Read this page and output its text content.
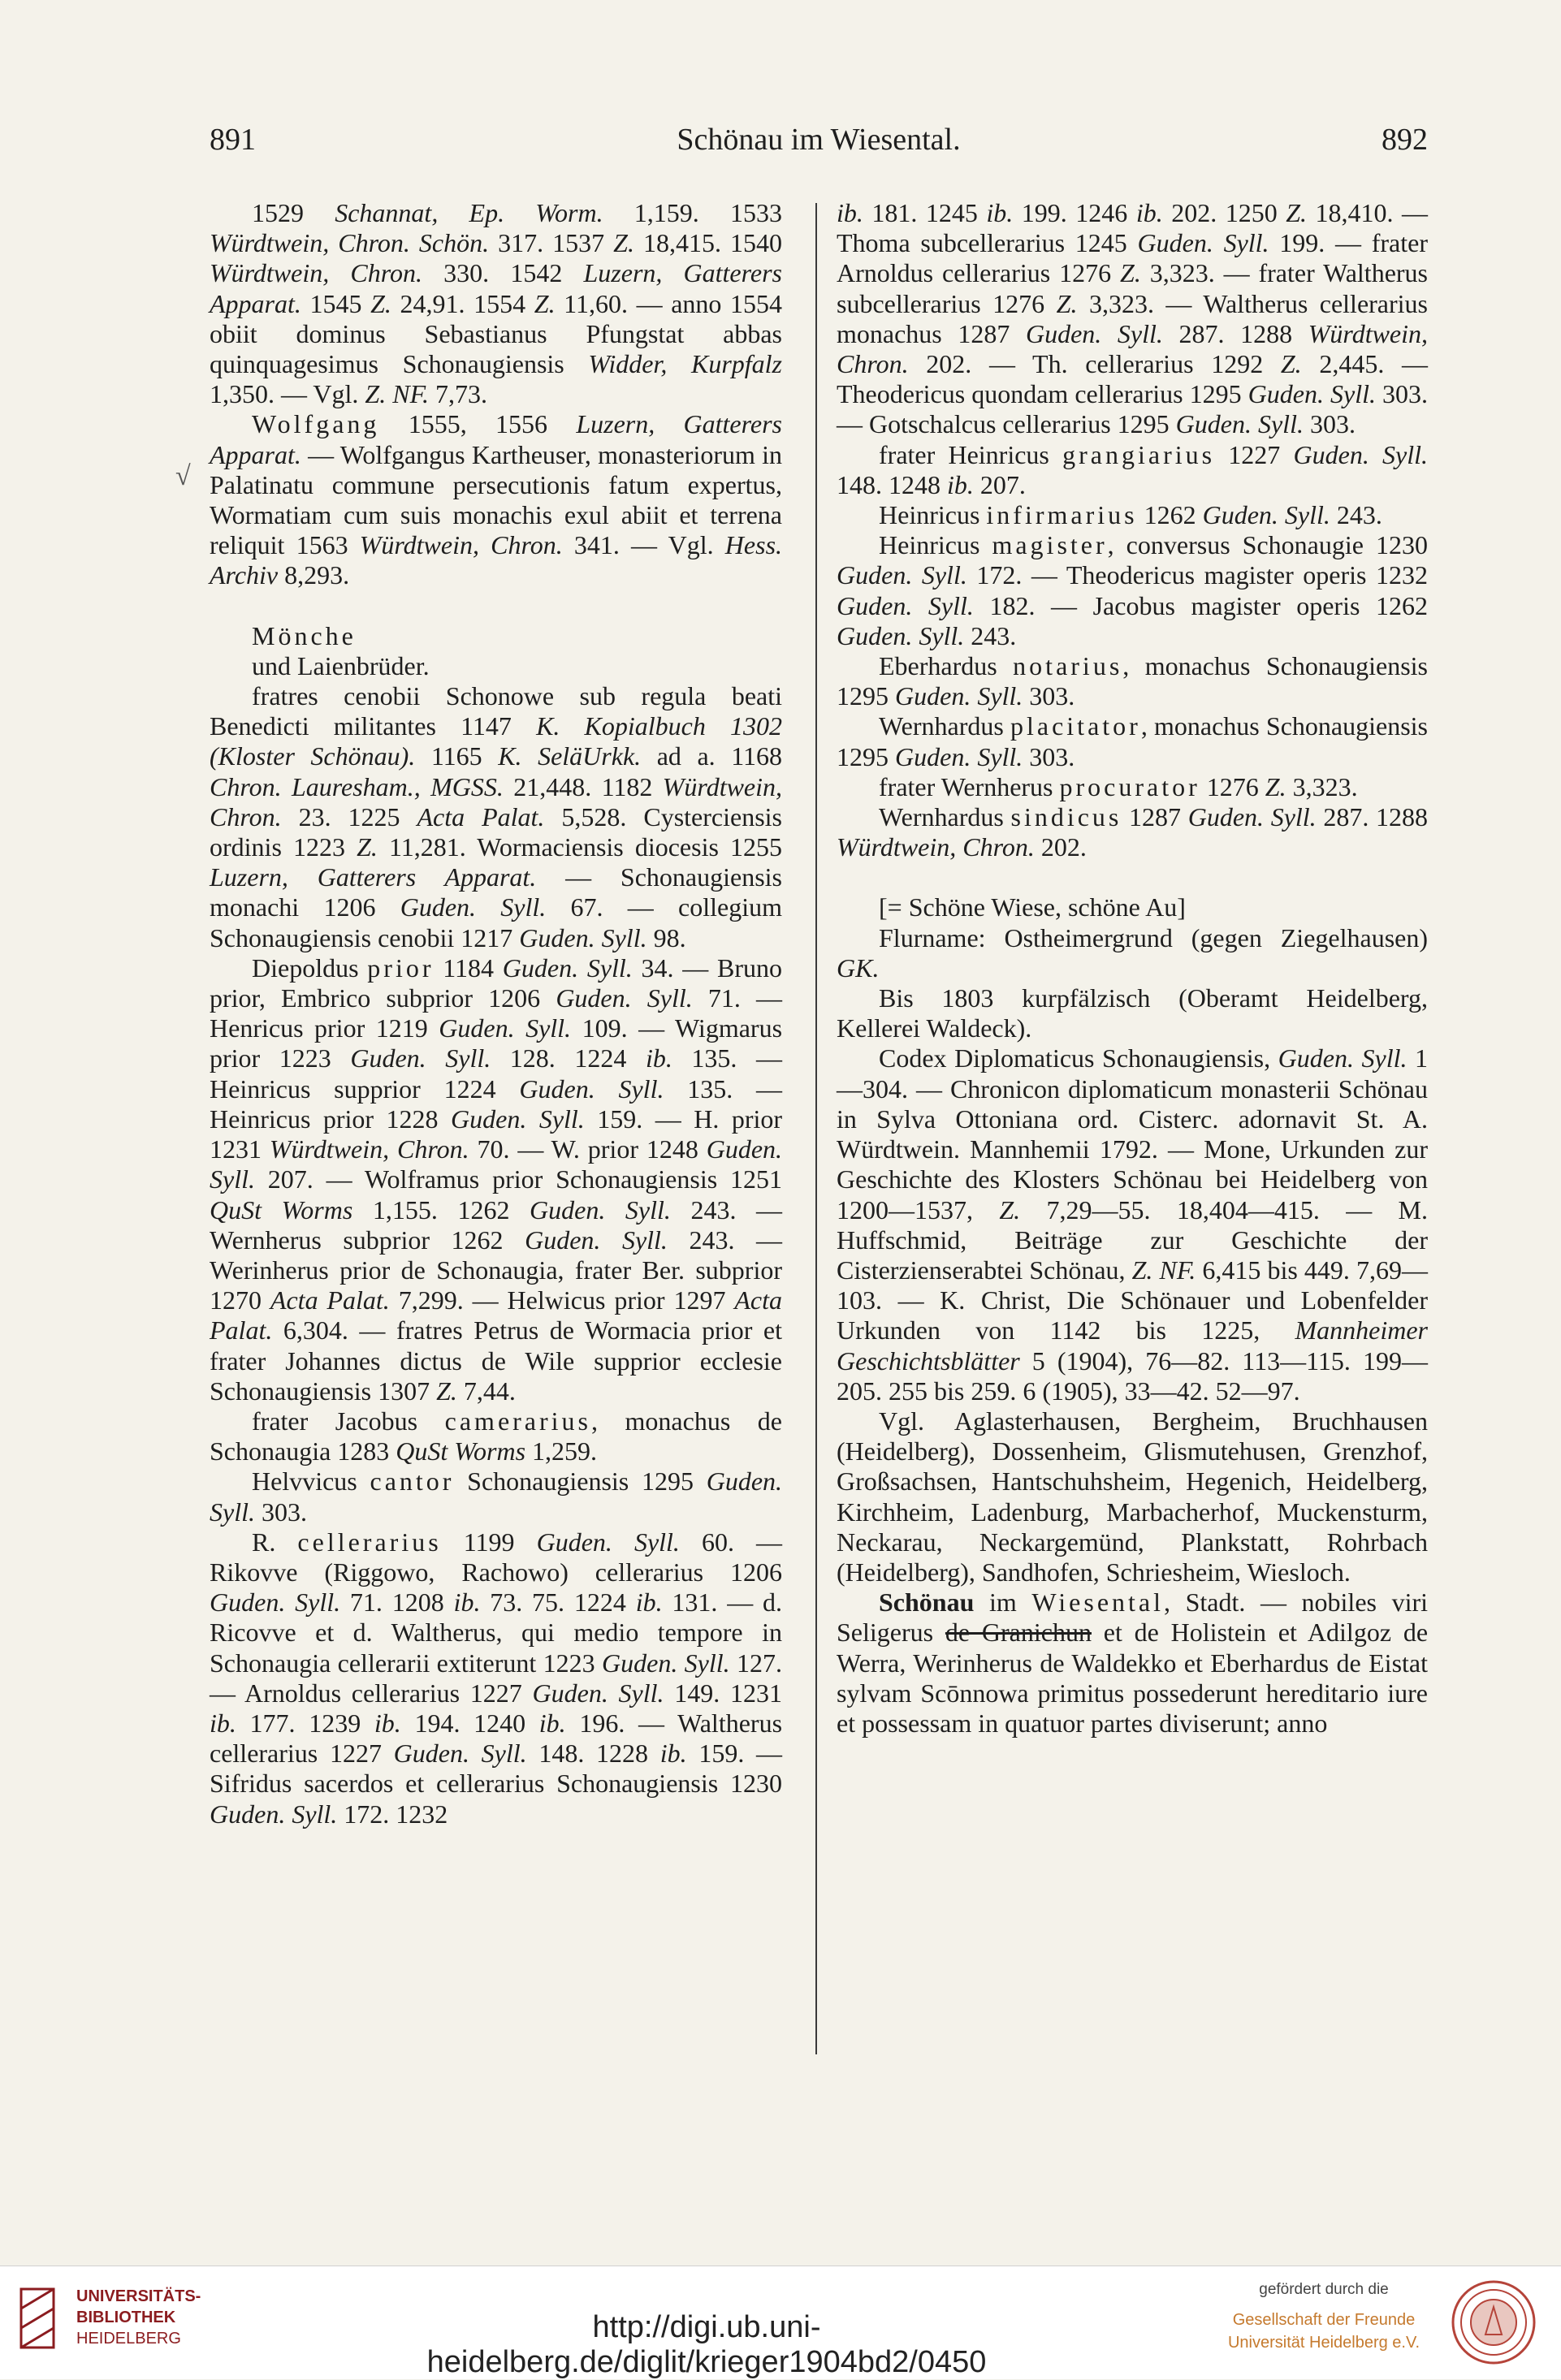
891	Schönau im Wiesental.	892
√

1529 Schannat, Ep. Worm. 1,159. 1533 Würdtwein, Chron. Schön. 317. 1537 Z. 18,415. 1540 Würdtwein, Chron. 330. 1542 Luzern, Gatterers Apparat. 1545 Z. 24,91. 1554 Z. 11,60. — anno 1554 obiit dominus Sebastianus Pfungstat abbas quinquagesimus Schonaugiensis Widder, Kurpfalz 1,350. — Vgl. Z. NF. 7,73.

Wolfgang 1555, 1556 Luzern, Gatterers Apparat. — Wolfgangus Kartheuser, monasteriorum in Palatinatu commune persecutionis fatum expertus, Wormatiam cum suis monachis exul abiit et terrena reliquit 1563 Würdtwein, Chron. 341. — Vgl. Hess. Archiv 8,293.

Mönche

und Laienbrüder.

fratres cenobii Schonowe sub regula beati Benedicti militantes 1147 K. Kopialbuch 1302 (Kloster Schönau). 1165 K. SeläUrkk. ad a. 1168 Chron. Lauresham., MGSS. 21,448. 1182 Würdtwein, Chron. 23. 1225 Acta Palat. 5,528. Cysterciensis ordinis 1223 Z. 11,281. Wormaciensis diocesis 1255 Luzern, Gatterers Apparat. — Schonaugiensis monachi 1206 Guden. Syll. 67. — collegium Schonaugiensis cenobii 1217 Guden. Syll. 98.

Diepoldus prior 1184 Guden. Syll. 34. — Bruno prior, Embrico subprior 1206 Guden. Syll. 71. — Henricus prior 1219 Guden. Syll. 109. — Wigmarus prior 1223 Guden. Syll. 128. 1224 ib. 135. — Heinricus supprior 1224 Guden. Syll. 135. — Heinricus prior 1228 Guden. Syll. 159. — H. prior 1231 Würdtwein, Chron. 70. — W. prior 1248 Guden. Syll. 207. — Wolframus prior Schonaugiensis 1251 QuSt Worms 1,155. 1262 Guden. Syll. 243. — Wernherus subprior 1262 Guden. Syll. 243. — Werinherus prior de Schonaugia, frater Ber. subprior 1270 Acta Palat. 7,299. — Helwicus prior 1297 Acta Palat. 6,304. — fratres Petrus de Wormacia prior et frater Johannes dictus de Wile supprior ecclesie Schonaugiensis 1307 Z. 7,44.

frater Jacobus camerarius, monachus de Schonaugia 1283 QuSt Worms 1,259.

Helvvicus cantor Schonaugiensis 1295 Guden. Syll. 303.

R. cellerarius 1199 Guden. Syll. 60. — Rikovve (Riggowo, Rachowo) cellerarius 1206 Guden. Syll. 71. 1208 ib. 73. 75. 1224 ib. 131. — d. Ricovve et d. Waltherus, qui medio tempore in Schonaugia cellerarii extiterunt 1223 Guden. Syll. 127. — Arnoldus cellerarius 1227 Guden. Syll. 149. 1231 ib. 177. 1239 ib. 194. 1240 ib. 196. — Waltherus cellerarius 1227 Guden. Syll. 148. 1228 ib. 159. — Sifridus sacerdos et cellerarius Schonaugiensis 1230 Guden. Syll. 172. 1232

ib. 181. 1245 ib. 199. 1246 ib. 202. 1250 Z. 18,410. — Thoma subcellerarius 1245 Guden. Syll. 199. — frater Arnoldus cellerarius 1276 Z. 3,323. — frater Waltherus subcellerarius 1276 Z. 3,323. — Waltherus cellerarius monachus 1287 Guden. Syll. 287. 1288 Würdtwein, Chron. 202. — Th. cellerarius 1292 Z. 2,445. — Theodericus quondam cellerarius 1295 Guden. Syll. 303. — Gotschalcus cellerarius 1295 Guden. Syll. 303.

frater Heinricus grangiarius 1227 Guden. Syll. 148. 1248 ib. 207.

Heinricus infirmarius 1262 Guden. Syll. 243.

Heinricus magister, conversus Schonaugie 1230 Guden. Syll. 172. — Theodericus magister operis 1232 Guden. Syll. 182. — Jacobus magister operis 1262 Guden. Syll. 243.

Eberhardus notarius, monachus Schonaugiensis 1295 Guden. Syll. 303.

Wernhardus placitator, monachus Schonaugiensis 1295 Guden. Syll. 303.

frater Wernherus procurator 1276 Z. 3,323.

Wernhardus sindicus 1287 Guden. Syll. 287. 1288 Würdtwein, Chron. 202.

[= Schöne Wiese, schöne Au]

Flurname: Ostheimergrund (gegen Ziegelhausen) GK.

Bis 1803 kurpfälzisch (Oberamt Heidelberg, Kellerei Waldeck).

Codex Diplomaticus Schonaugiensis, Guden. Syll. 1—304. — Chronicon diplomaticum monasterii Schönau in Sylva Ottoniana ord. Cisterc. adornavit St. A. Würdtwein. Mannhemii 1792. — Mone, Urkunden zur Geschichte des Klosters Schönau bei Heidelberg von 1200—1537, Z. 7,29—55. 18,404—415. — M. Huffschmid, Beiträge zur Geschichte der Cisterzienserabtei Schönau, Z. NF. 6,415 bis 449. 7,69—103. — K. Christ, Die Schönauer und Lobenfelder Urkunden von 1142 bis 1225, Mannheimer Geschichtsblätter 5 (1904), 76—82. 113—115. 199—205. 255 bis 259. 6 (1905), 33—42. 52—97.

Vgl. Aglasterhausen, Bergheim, Bruchhausen (Heidelberg), Dossenheim, Glismutehusen, Grenzhof, Großsachsen, Hantschuhsheim, Hegenich, Heidelberg, Kirchheim, Ladenburg, Marbacherhof, Muckensturm, Neckarau, Neckargemünd, Plankstatt, Rohrbach (Heidelberg), Sandhofen, Schriesheim, Wiesloch.

Schönau im Wiesental, Stadt. — nobiles viri Seligerus de Granichun et de Holistein et Adilgoz de Werra, Werinherus de Waldekko et Eberhardus de Eistat sylvam Scōnnowa primitus possederunt hereditario iure et possessam in quatuor partes diviserunt; anno

UNIVERSITÄTS-
BIBLIOTHEK
HEIDELBERG	http://digi.ub.uni-heidelberg.de/diglit/krieger1904bd2/0450
gefördert durch die
Gesellschaft der Freunde
Universität Heidelberg e.V.
